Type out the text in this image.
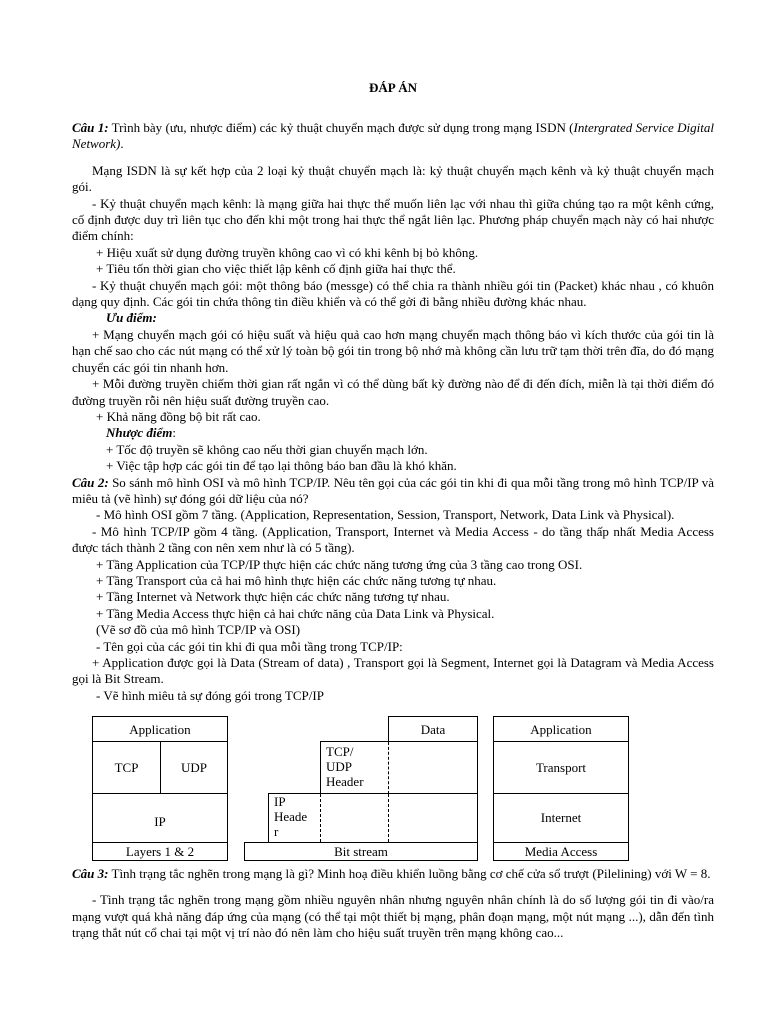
ĐÁP ÁN

Câu 1: Trình bày (ưu, nhược điểm) các kỷ thuật chuyển mạch được sử dụng trong mạng ISDN (Intergrated Service Digital Network).

Mạng ISDN là sự kết hợp của 2 loại kỷ thuật chuyển mạch là: kỷ thuật chuyển mạch kênh và kỷ thuật chuyển mạch gói.

- Kỷ thuật chuyển mạch kênh: là mạng giữa hai thực thể muốn liên lạc với nhau thì giữa chúng tạo ra một kênh cứng, cố định được duy trì liên tục cho đến khi một trong hai thực thể ngắt liên lạc. Phương pháp chuyển mạch này có hai nhược điểm chính:

+ Hiệu xuất sử dụng đường truyền không cao vì có khi kênh bị bỏ không.

+ Tiêu tốn thời gian cho việc thiết lập kênh cố định giữa hai thực thể.

- Kỷ thuật chuyển mạch gói: một thông báo (messge) có thể chia ra thành nhiều gói tin (Packet) khác nhau , có khuôn dạng quy định. Các gói tin chứa thông tin điều khiển và có thể gởi đi bằng nhiều đường khác nhau.

Ưu điểm:

+ Mạng chuyển mạch gói có hiệu suất và hiệu quả cao hơn mạng chuyển mạch thông báo vì kích thước của gói tin là hạn chế sao cho các nút mạng có thể xử lý toàn bộ gói tin trong bộ nhớ mà không cần lưu trữ tạm thời trên đĩa, do đó mạng chuyển các gói tin nhanh hơn.

+ Mỗi đường truyền chiếm thời gian rất ngắn vì có thể dùng bất kỳ đường nào để đi đến đích, miễn là tại thời điểm đó đường truyền rỗi nên hiệu suất đường truyền cao.

+ Khả năng đồng bộ bit rất cao.

Nhược điểm:

+ Tốc độ truyền sẽ không cao nếu thời gian chuyển mạch lớn.

+ Việc tập hợp các gói tin để tạo lại thông báo ban đầu là khó khăn.

Câu 2: So sánh mô hình OSI và mô hình TCP/IP. Nêu tên gọi của các gói tin khi đi qua mỗi tầng trong mô hình TCP/IP và miêu tả (vẽ hình) sự đóng gói dữ liệu của nó?

- Mô hình OSI gồm 7 tầng. (Application, Representation, Session, Transport, Network, Data Link và Physical).

- Mô hình TCP/IP gồm 4 tầng. (Application, Transport, Internet và Media Access - do tầng thấp nhất Media Access được tách thành 2 tầng con nên xem như là có 5 tầng).

+ Tầng Application của TCP/IP thực hiện các chức năng tương ứng của 3 tầng cao trong OSI.

+ Tầng Transport của cả hai mô hình thực hiện các chức năng tương tự nhau.

+ Tầng Internet và Network thực hiện các chức năng tương tự nhau.

+ Tầng Media Access thực hiện cả hai chức năng của Data Link và Physical.

(Vẽ sơ đồ của mô hình TCP/IP và OSI)

- Tên gọi của các gói tin khi đi qua mỗi tầng trong TCP/IP:

+ Application được gọi là Data (Stream of data) , Transport gọi là Segment, Internet gọi là Datagram và Media Access gọi là Bit Stream.

- Vẽ hình miêu tả sự đóng gói trong TCP/IP

Application
TCP	UDP
IP
Layers 1 & 2
Data
TCP/
UDP
Header
IP
Heade
r
Bit stream
Application
Transport
Internet
Media Access

Câu 3: Tình trạng tắc nghẽn trong mạng là gì? Minh hoạ điều khiển luồng bằng cơ chế cửa sổ trượt (Pilelining) với W = 8.

- Tình trạng tắc nghẽn trong mạng gồm nhiều nguyên nhân nhưng nguyên nhân chính là do số lượng gói tin đi vào/ra mạng vượt quá khả năng đáp ứng của mạng (có thể tại một thiết bị mạng, phân đoạn mạng, một nút mạng ...), dẫn đến tình trạng thắt nút cổ chai tại một vị trí nào đó nên làm cho hiệu suất truyền trên mạng không cao...
